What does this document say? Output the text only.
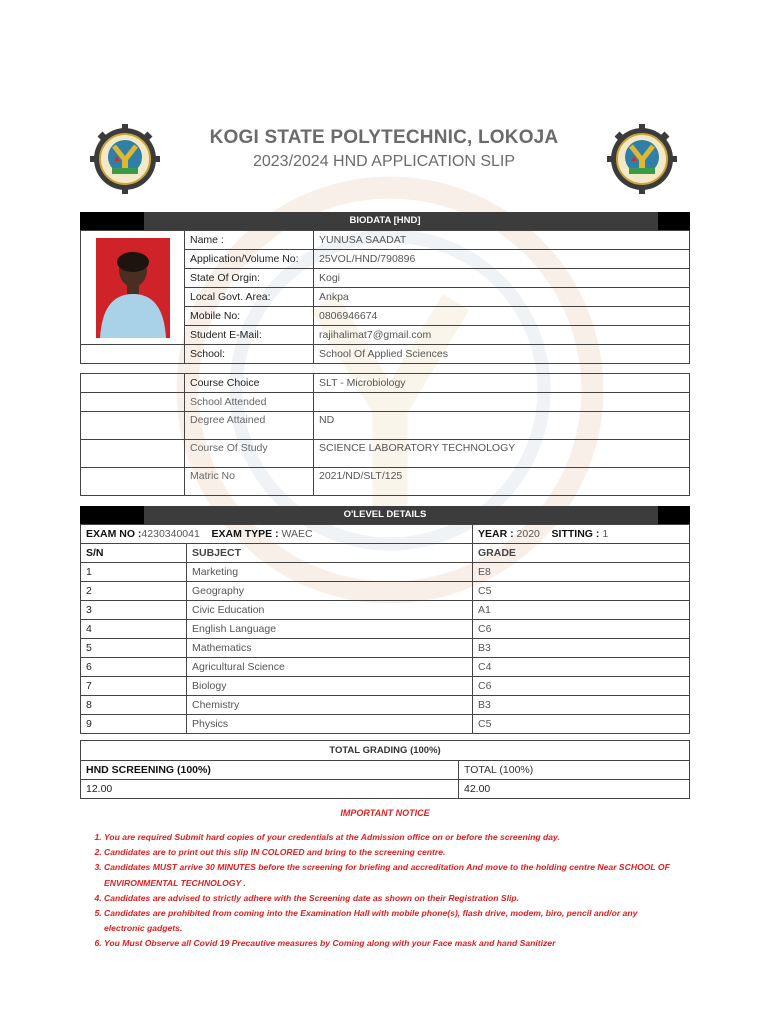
KOGI STATE POLYTECHNIC, LOKOJA
2023/2024 HND APPLICATION SLIP
BIODATA [HND]
	Name :	YUNUSA SAADAT
	Application/Volume No:	25VOL/HND/790896
	State Of Orgin:	Kogi
	Local Govt. Area:	Ankpa
	Mobile No:	0806946674
	Student E-Mail:	rajihalimat7@gmail.com
	School:	School Of Applied Sciences
	Course Choice	SLT - Microbiology
	School Attended	
	Degree Attained	ND
	Course Of Study	SCIENCE LABORATORY TECHNOLOGY
	Matric No	2021/ND/SLT/125
O'LEVEL DETAILS
EXAM NO :4230340041 EXAM TYPE : WAEC		YEAR : 2020 SITTING : 1
S/N	SUBJECT	GRADE
1	Marketing	E8
2	Geography	C5
3	Civic Education	A1
4	English Language	C6
5	Mathematics	B3
6	Agricultural Science	C4
7	Biology	C6
8	Chemistry	B3
9	Physics	C5
TOTAL GRADING (100%)	
HND SCREENING (100%)	TOTAL (100%)
12.00	42.00
IMPORTANT NOTICE
1. You are required Submit hard copies of your credentials at the Admission office on or before the screening day.
2. Candidates are to print out this slip IN COLORED and bring to the screening centre.
3. Candidates MUST arrive 30 MINUTES before the screening for briefing and accreditation And move to the holding centre Near SCHOOL OF ENVIRONMENTAL TECHNOLOGY .
4. Candidates are advised to strictly adhere with the Screening date as shown on their Registration Slip.
5. Candidates are prohibited from coming into the Examination Hall with mobile phone(s), flash drive, modem, biro, pencil and/or any electronic gadgets.
6. You Must Observe all Covid 19 Precautive measures by Coming along with your Face mask and hand Sanitizer
